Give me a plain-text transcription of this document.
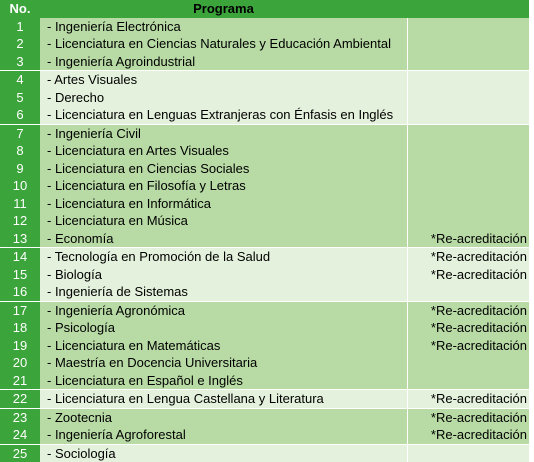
No.	Programa
1	- Ingeniería Electrónica
2	- Licenciatura en Ciencias Naturales y Educación Ambiental
3	- Ingeniería Agroindustrial
4	- Artes Visuales
5	- Derecho
6	- Licenciatura en Lenguas Extranjeras con Énfasis en Inglés
7	- Ingeniería Civil
8	- Licenciatura en Artes Visuales
9	- Licenciatura en Ciencias Sociales
10	- Licenciatura en Filosofía y Letras
11	- Licenciatura en Informática
12	- Licenciatura en Música
13	- Economía	*Re-acreditación
14	- Tecnología en Promoción de la Salud	*Re-acreditación
15	- Biología	*Re-acreditación
16	- Ingeniería de Sistemas
17	- Ingeniería Agronómica	*Re-acreditación
18	- Psicología	*Re-acreditación
19	- Licenciatura en Matemáticas	*Re-acreditación
20	- Maestría en Docencia Universitaria
21	- Licenciatura en Español e Inglés
22	- Licenciatura en Lengua Castellana y Literatura	*Re-acreditación
23	- Zootecnia	*Re-acreditación
24	- Ingeniería Agroforestal	*Re-acreditación
25	- Sociología
